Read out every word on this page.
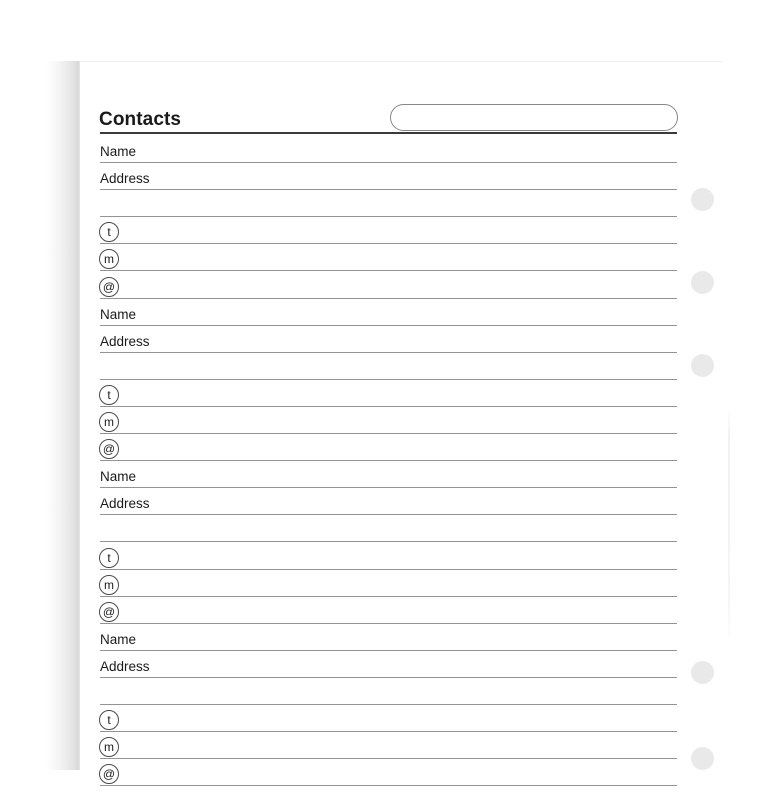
Contacts
Name
Address
t
m
@
Name
Address
t
m
@
Name
Address
t
m
@
Name
Address
t
m
@
